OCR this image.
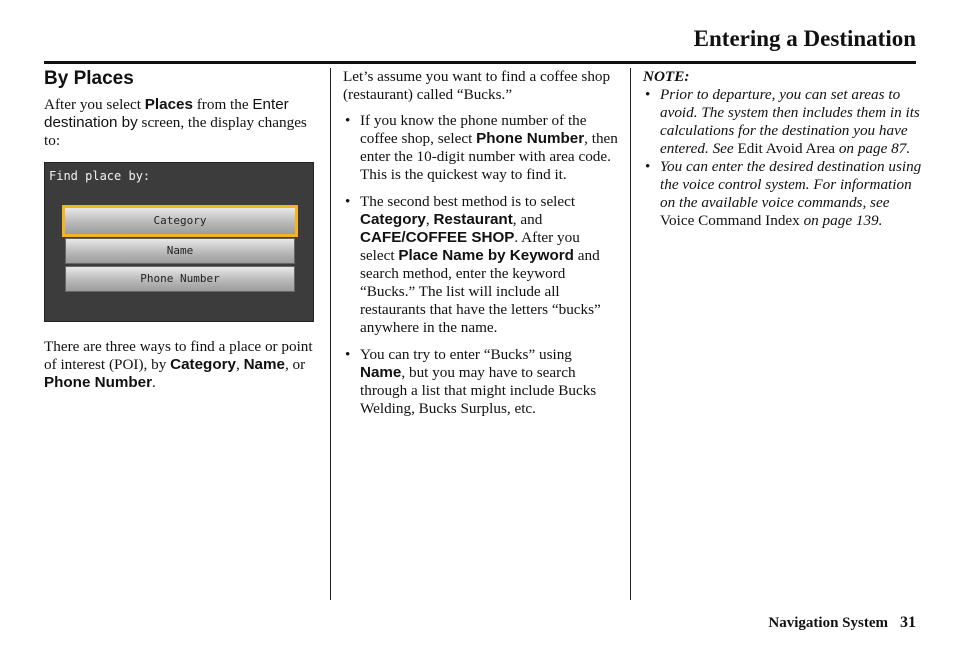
Entering a Destination
By Places

After you select Places from the Enter destination by screen, the display changes to:

Find place by:
Category
Name
Phone Number

There are three ways to find a place or point of interest (POI), by Category, Name, or Phone Number.

Let’s assume you want to find a coffee shop (restaurant) called “Bucks.”

• If you know the phone number of the coffee shop, select Phone Number, then enter the 10-digit number with area code. This is the quickest way to find it.
• The second best method is to select Category, Restaurant, and CAFE/COFFEE SHOP. After you select Place Name by Keyword and search method, enter the keyword “Bucks.” The list will include all restaurants that have the letters “bucks” anywhere in the name.
• You can try to enter “Bucks” using Name, but you may have to search through a list that might include Bucks Welding, Bucks Surplus, etc.
NOTE:
• Prior to departure, you can set areas to avoid. The system then includes them in its calculations for the destination you have entered. See Edit Avoid Area on page 87.
• You can enter the desired destination using the voice control system. For information on the available voice commands, see Voice Command Index on page 139.
Navigation System 31
